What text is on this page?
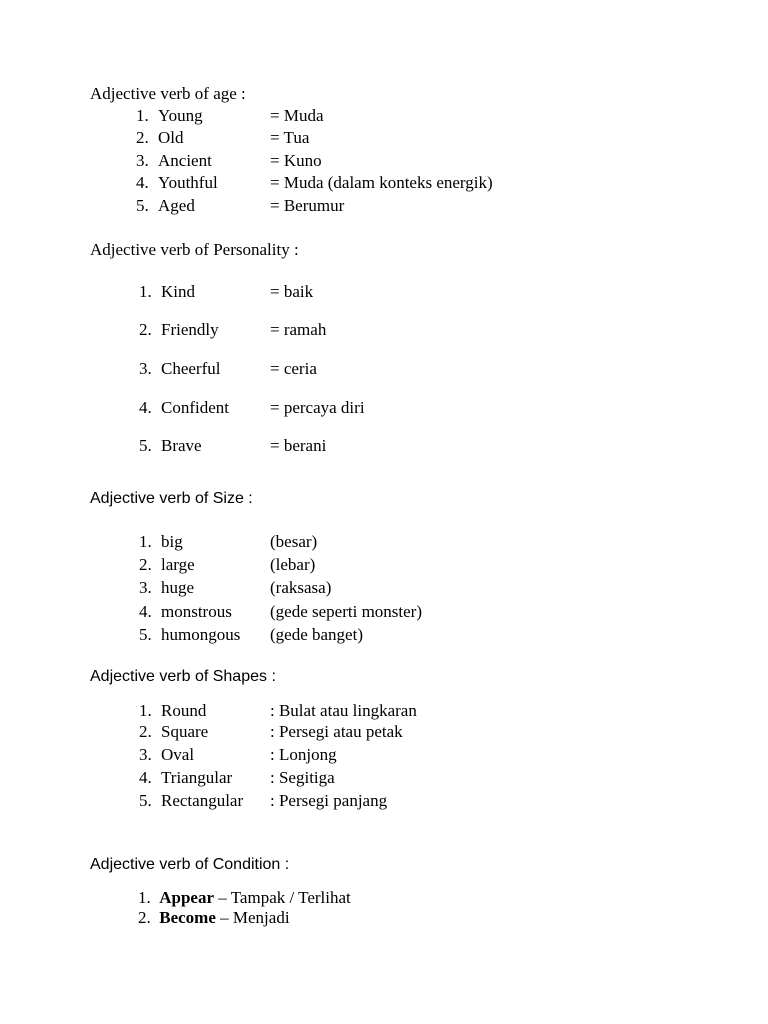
Adjective verb of age :
1. Young	= Muda
2. Old	= Tua
3. Ancient	= Kuno
4. Youthful	= Muda (dalam konteks energik)
5. Aged	= Berumur
Adjective verb of Personality :
1. Kind	= baik
2. Friendly	= ramah
3. Cheerful	= ceria
4. Confident = percaya diri
5. Brave	= berani
Adjective verb of Size :
1. big	(besar)
2. large	(lebar)
3. huge	(raksasa)
4. monstrous (gede seperti monster)
5. humongous (gede banget)
Adjective verb of Shapes :
1. Round	: Bulat atau lingkaran
2. Square	: Persegi atau petak
3. Oval	: Lonjong
4. Triangular : Segitiga
5. Rectangular : Persegi panjang
Adjective verb of Condition :
1. Appear – Tampak / Terlihat
2. Become – Menjadi
